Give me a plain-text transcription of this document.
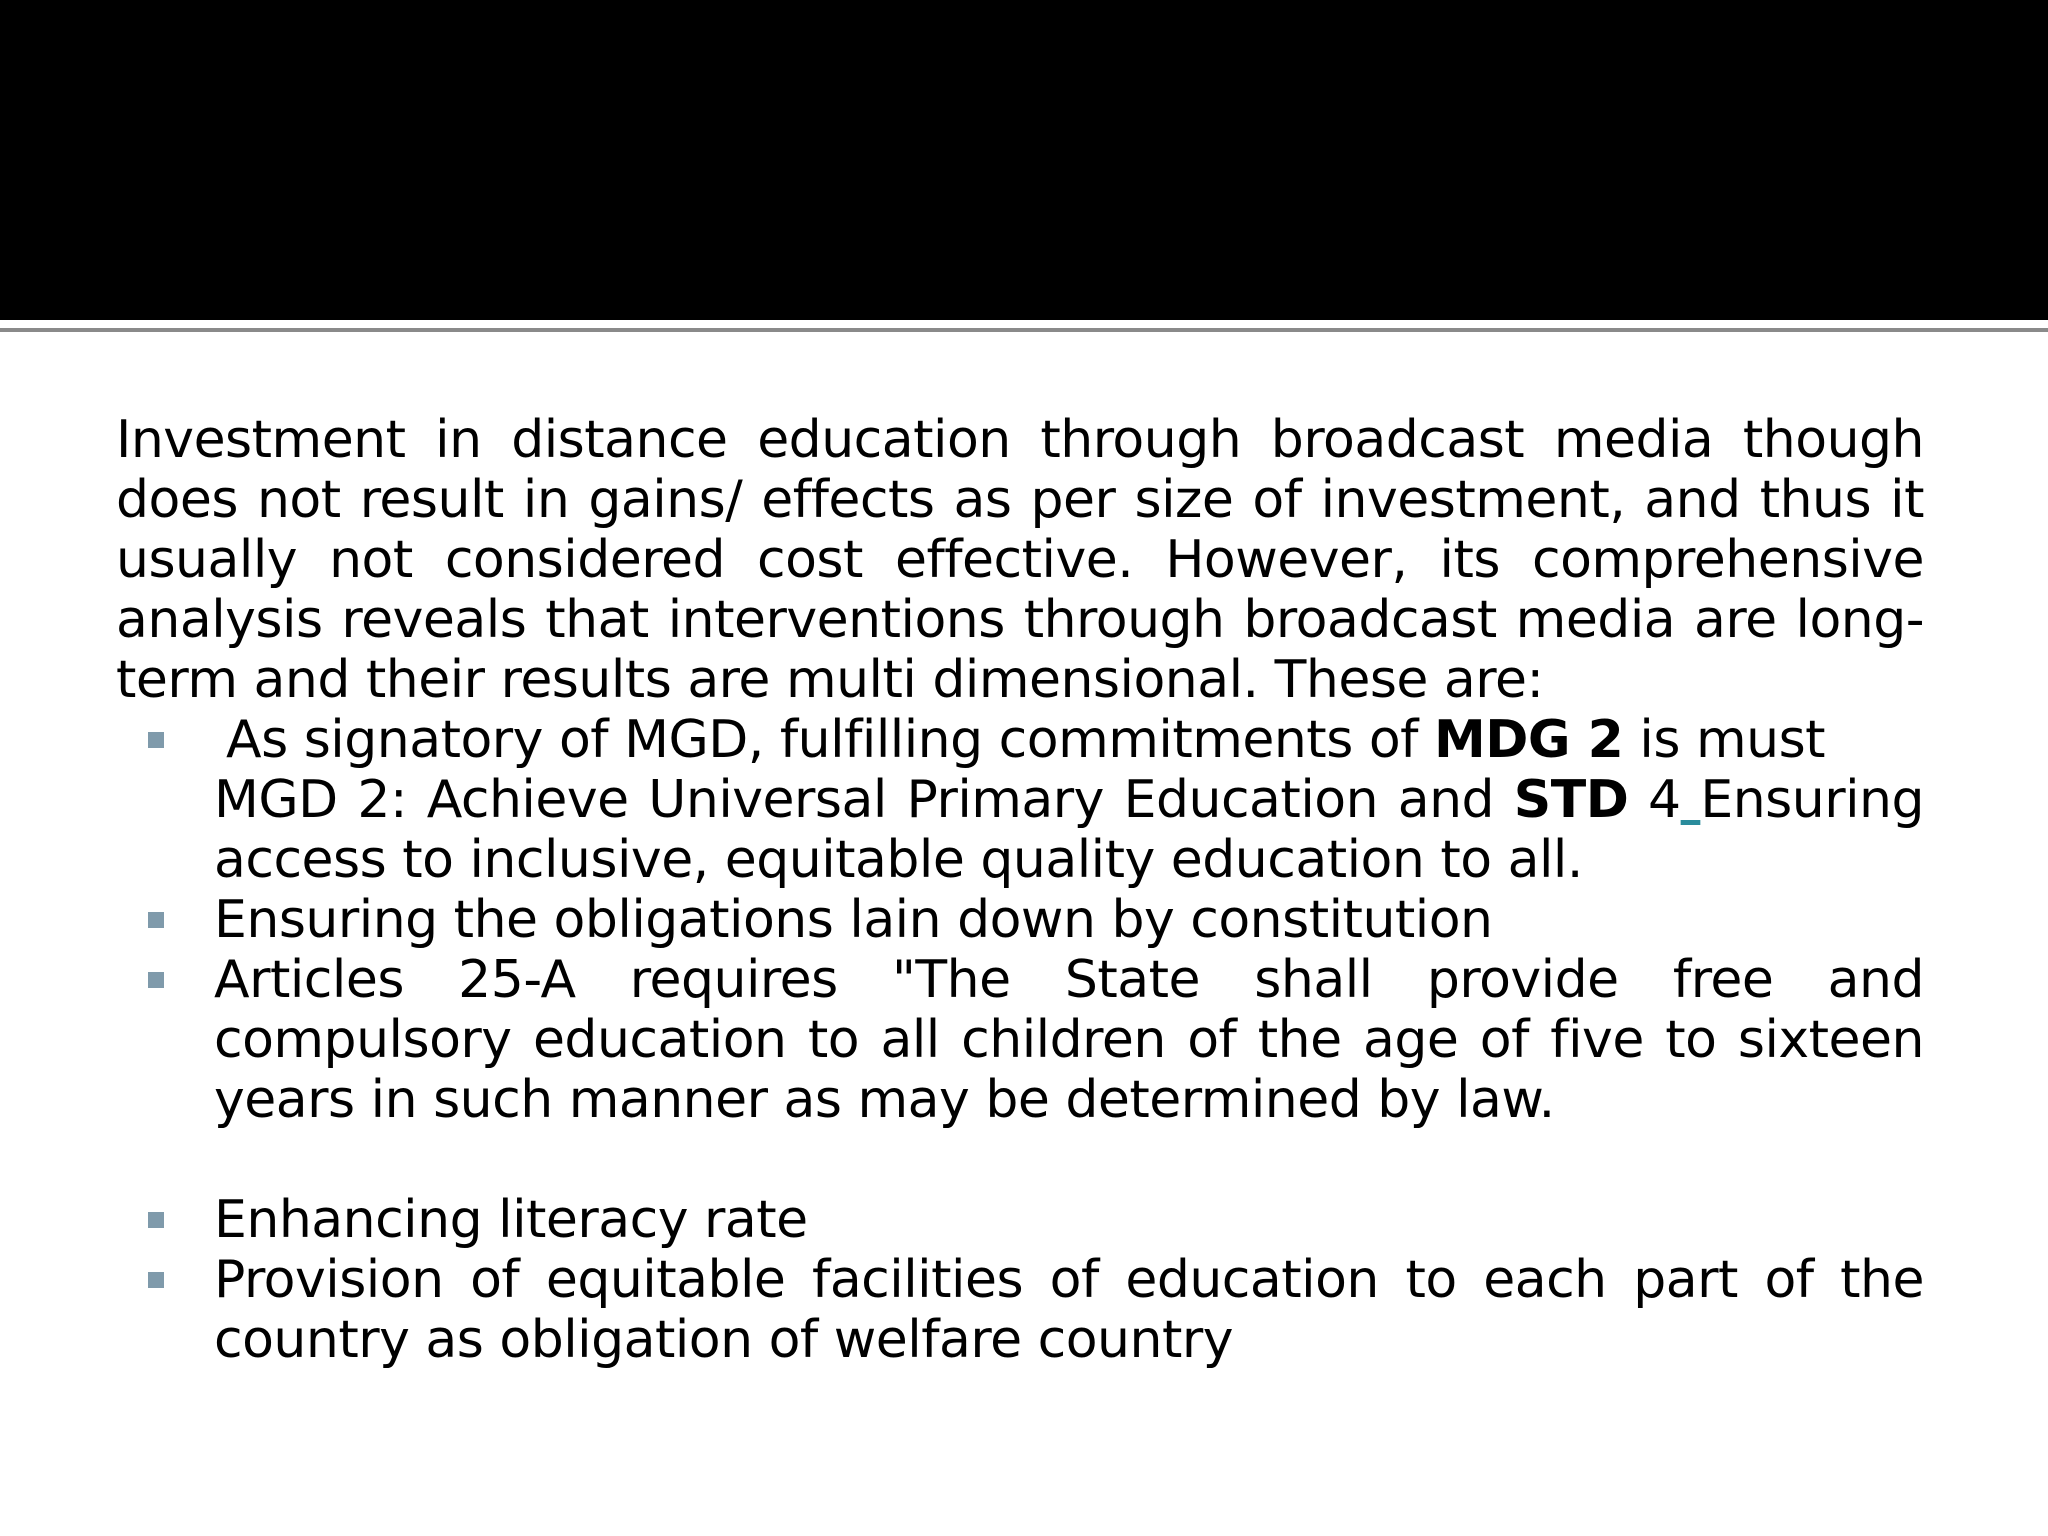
Investment in distance education through broadcast media though does not result in gains/ effects as per size of investment, and thus it usually not considered cost effective. However, its comprehensive analysis reveals that interventions through broadcast media are long-term and their results are multi dimensional. These are:

As signatory of MGD, fulfilling commitments of MDG 2 is must
MGD 2: Achieve Universal Primary Education and STD 4 Ensuring access to inclusive, equitable quality education to all.
Ensuring the obligations lain down by constitution
Articles 25-A requires "The State shall provide free and compulsory education to all children of the age of five to sixteen years in such manner as may be determined by law.
Enhancing literacy rate
Provision of equitable facilities of education to each part of the country as obligation of welfare country
